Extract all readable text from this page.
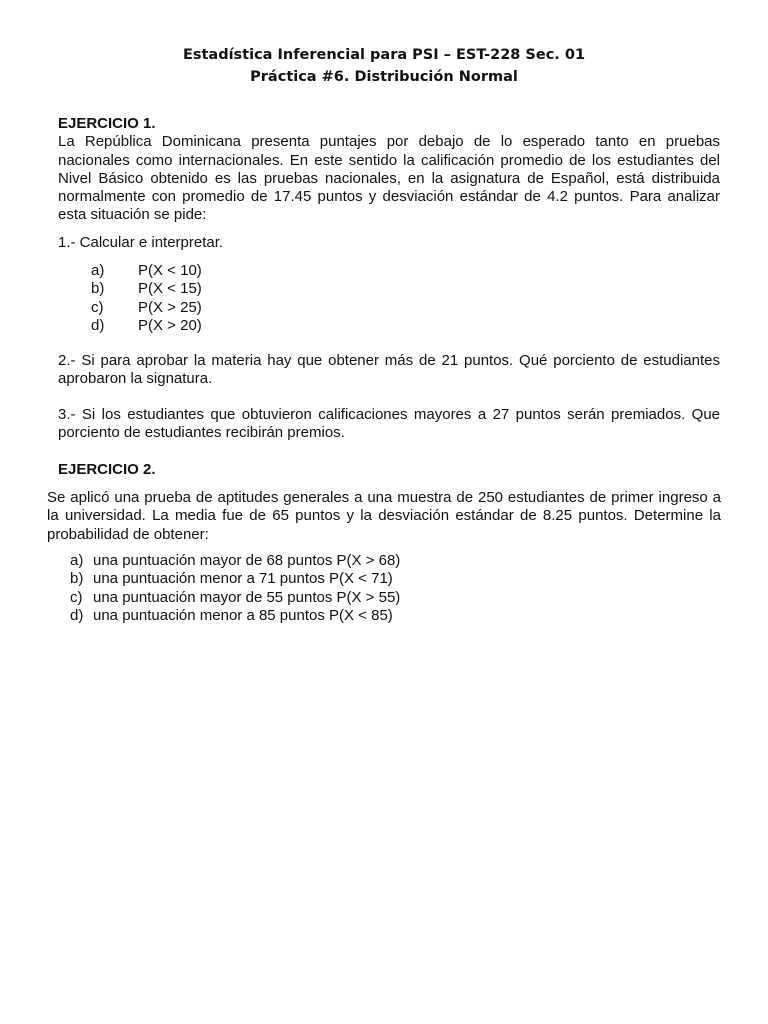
Estadística Inferencial para PSI – EST-228 Sec. 01
Práctica #6. Distribución Normal
EJERCICIO 1.
La República Dominicana presenta puntajes por debajo de lo esperado tanto en pruebas nacionales como internacionales. En este sentido la calificación promedio de los estudiantes del Nivel Básico obtenido es las pruebas nacionales, en la asignatura de Español, está distribuida normalmente con promedio de 17.45 puntos y desviación estándar de 4.2 puntos. Para analizar esta situación se pide:
1.- Calcular e interpretar.
a)	P(X < 10)
b)	P(X < 15)
c)	P(X > 25)
d)	P(X > 20)
2.- Si para aprobar la materia hay que obtener más de 21 puntos. Qué porciento de estudiantes aprobaron la signatura.
3.- Si los estudiantes que obtuvieron calificaciones mayores a 27 puntos serán premiados. Que porciento de estudiantes recibirán premios.
EJERCICIO 2.
Se aplicó una prueba de aptitudes generales a una muestra de 250 estudiantes de primer ingreso a la universidad. La media fue de 65 puntos y la desviación estándar de 8.25 puntos. Determine la probabilidad de obtener:
a) una puntuación mayor de 68 puntos P(X > 68)
b) una puntuación menor a 71 puntos P(X < 71)
c) una puntuación mayor de 55 puntos P(X > 55)
d) una puntuación menor a 85 puntos P(X < 85)
